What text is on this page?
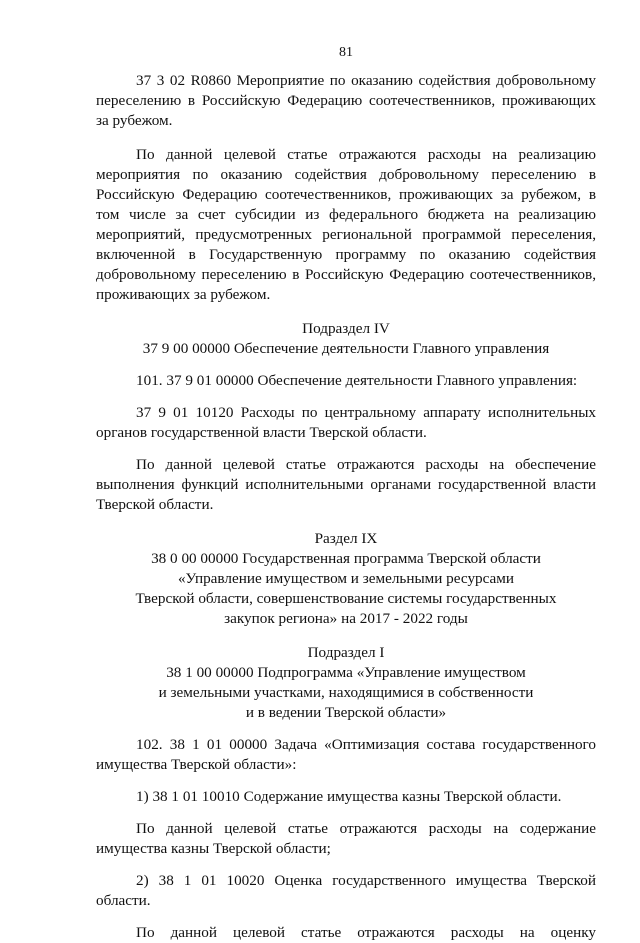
81

37 3 02 R0860 Мероприятие по оказанию содействия добровольному переселению в Российскую Федерацию соотечественников, проживающих за рубежом.

По данной целевой статье отражаются расходы на реализацию мероприятия по оказанию содействия добровольному переселению в Российскую Федерацию соотечественников, проживающих за рубежом, в том числе за счет субсидии из федерального бюджета на реализацию мероприятий, предусмотренных региональной программой переселения, включенной в Государственную программу по оказанию содействия добровольному переселению в Российскую Федерацию соотечественников, проживающих за рубежом.

Подраздел IV
37 9 00 00000 Обеспечение деятельности Главного управления

101. 37 9 01 00000 Обеспечение деятельности Главного управления:

37 9 01 10120 Расходы по центральному аппарату исполнительных органов государственной власти Тверской области.

По данной целевой статье отражаются расходы на обеспечение выполнения функций исполнительными органами государственной власти Тверской области.

Раздел IX
38 0 00 00000 Государственная программа Тверской области
«Управление имуществом и земельными ресурсами
Тверской области, совершенствование системы государственных
закупок региона» на 2017 - 2022 годы
Подраздел I
38 1 00 00000 Подпрограмма «Управление имуществом
и земельными участками, находящимися в собственности
и в ведении Тверской области»

102. 38 1 01 00000 Задача «Оптимизация состава государственного имущества Тверской области»:

1) 38 1 01 10010 Содержание имущества казны Тверской области.

По данной целевой статье отражаются расходы на содержание имущества казны Тверской области;

2) 38 1 01 10020 Оценка государственного имущества Тверской области.

По данной целевой статье отражаются расходы на оценку
